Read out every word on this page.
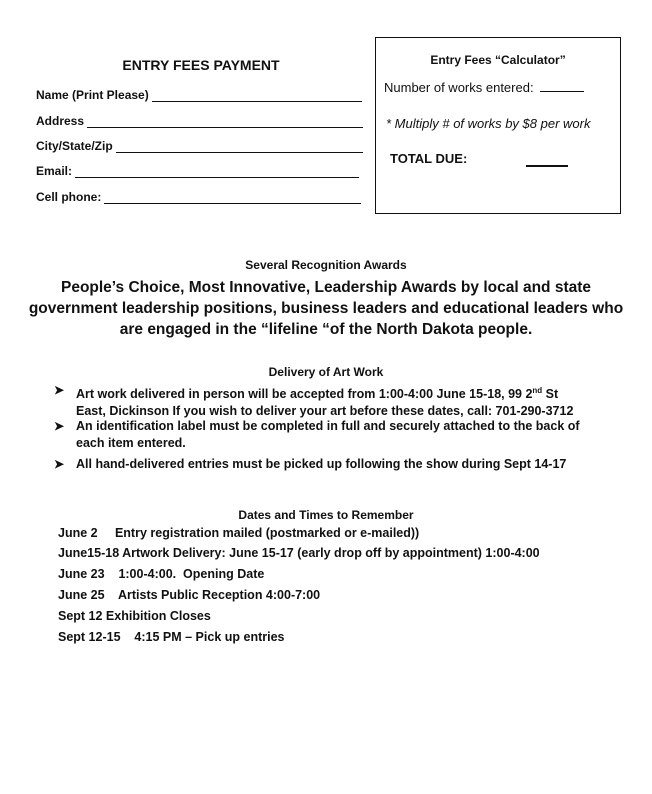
ENTRY FEES PAYMENT
Name (Print Please)
Address
City/State/Zip
Email:
Cell phone:
Entry Fees “Calculator”
Number of works entered:
* Multiply # of works by $8 per work
TOTAL DUE:
Several Recognition Awards
People’s Choice, Most Innovative, Leadership Awards by local and state
government leadership positions, business leaders and educational leaders who
are engaged in the “lifeline “of the North Dakota people.
Delivery of Art Work
➤ Art work delivered in person will be accepted from 1:00-4:00 June 15-18, 99 2nd St
East, Dickinson If you wish to deliver your art before these dates, call: 701-290-3712
➤ An identification label must be completed in full and securely attached to the back of
each item entered.
➤ All hand-delivered entries must be picked up following the show during Sept 14-17
Dates and Times to Remember
June 2     Entry registration mailed (postmarked or e-mailed))
June15-18 Artwork Delivery: June 15-17 (early drop off by appointment) 1:00-4:00
June 23    1:00-4:00.  Opening Date
June 25    Artists Public Reception 4:00-7:00
Sept 12 Exhibition Closes
Sept 12-15    4:15 PM – Pick up entries
